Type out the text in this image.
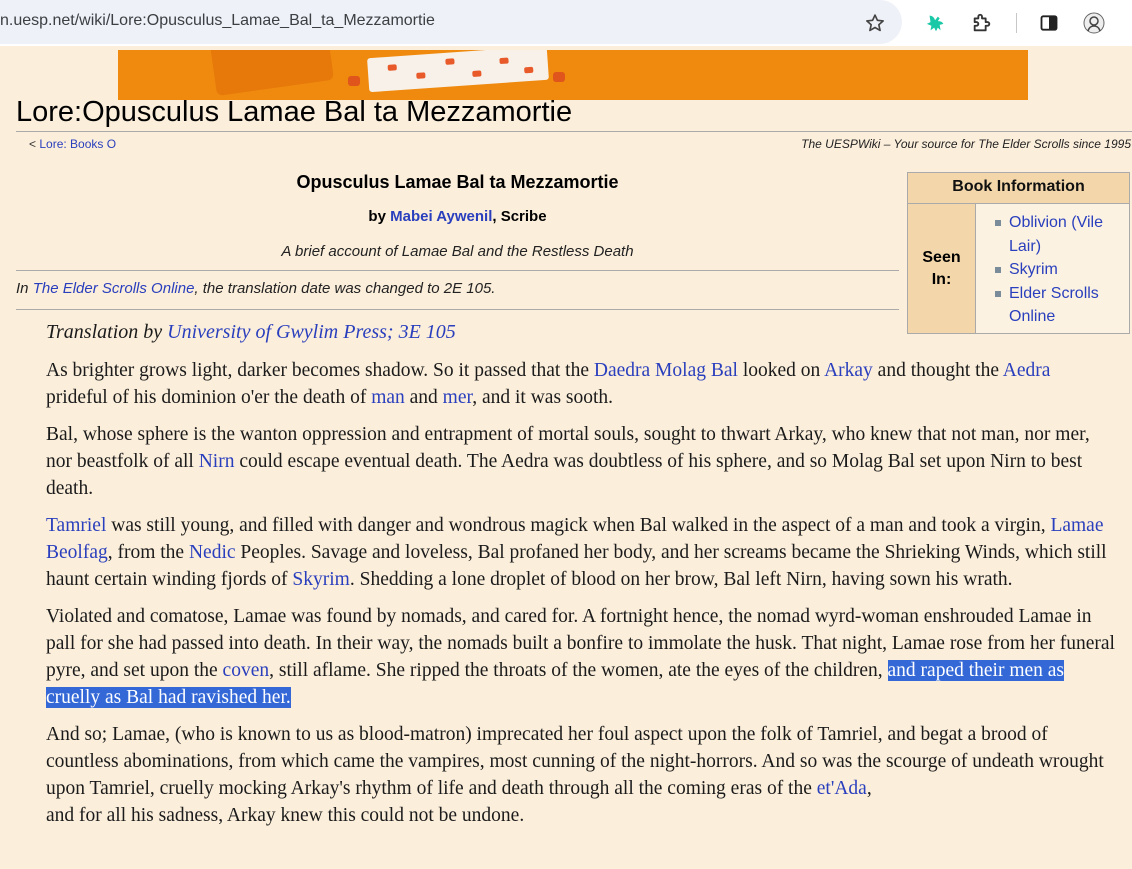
n.uesp.net/wiki/Lore:Opusculus_Lamae_Bal_ta_Mezzamortie
Lore:Opusculus Lamae Bal ta Mezzamortie
< Lore: Books O	The UESPWiki – Your source for The Elder Scrolls since 1995
Opusculus Lamae Bal ta Mezzamortie
by Mabei Aywenil, Scribe
A brief account of Lamae Bal and the Restless Death
In The Elder Scrolls Online, the translation date was changed to 2E 105.
Book Information
Seen In:
Oblivion (Vile Lair)
Skyrim
Elder Scrolls Online

Translation by University of Gwylim Press; 3E 105

As brighter grows light, darker becomes shadow. So it passed that the Daedra Molag Bal looked on Arkay and thought the Aedra prideful of his dominion o'er the death of man and mer, and it was sooth.

Bal, whose sphere is the wanton oppression and entrapment of mortal souls, sought to thwart Arkay, who knew that not man, nor mer, nor beastfolk of all Nirn could escape eventual death. The Aedra was doubtless of his sphere, and so Molag Bal set upon Nirn to best death.

Tamriel was still young, and filled with danger and wondrous magick when Bal walked in the aspect of a man and took a virgin, Lamae Beolfag, from the Nedic Peoples. Savage and loveless, Bal profaned her body, and her screams became the Shrieking Winds, which still haunt certain winding fjords of Skyrim. Shedding a lone droplet of blood on her brow, Bal left Nirn, having sown his wrath.

Violated and comatose, Lamae was found by nomads, and cared for. A fortnight hence, the nomad wyrd-woman enshrouded Lamae in pall for she had passed into death. In their way, the nomads built a bonfire to immolate the husk. That night, Lamae rose from her funeral pyre, and set upon the coven, still aflame. She ripped the throats of the women, ate the eyes of the children, and raped their men as cruelly as Bal had ravished her.

And so; Lamae, (who is known to us as blood-matron) imprecated her foul aspect upon the folk of Tamriel, and begat a brood of countless abominations, from which came the vampires, most cunning of the night-horrors. And so was the scourge of undeath wrought upon Tamriel, cruelly mocking Arkay's rhythm of life and death through all the coming eras of the et'Ada,
and for all his sadness, Arkay knew this could not be undone.
